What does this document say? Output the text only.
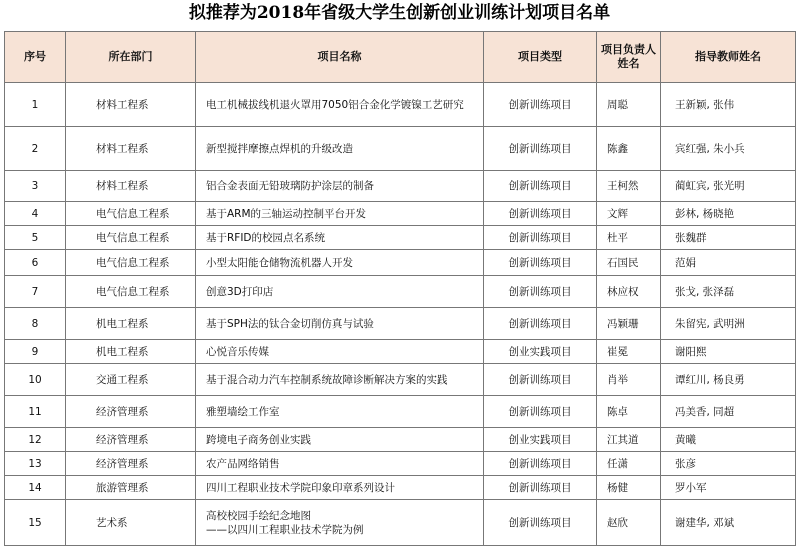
拟推荐为2018年省级大学生创新创业训练计划项目名单
序号	所在部门	项目名称	项目类型	项目负责人姓名	指导教师姓名
1	材料工程系	电工机械拔线机退火罩用7050铝合金化学镀镍工艺研究	创新训练项目	周聪	王新颖, 张伟
2	材料工程系	新型搅拌摩擦点焊机的升级改造	创新训练项目	陈鑫	宾红强, 朱小兵
3	材料工程系	铝合金表面无铅玻璃防护涂层的制备	创新训练项目	王柯然	蔺虹宾, 张光明
4	电气信息工程系	基于ARM的三轴运动控制平台开发	创新训练项目	文辉	彭林, 杨晓艳
5	电气信息工程系	基于RFID的校园点名系统	创新训练项目	杜平	张魏群
6	电气信息工程系	小型太阳能仓储物流机器人开发	创新训练项目	石国民	范娟
7	电气信息工程系	创意3D打印店	创新训练项目	林应权	张戈, 张泽磊
8	机电工程系	基于SPH法的钛合金切削仿真与试验	创新训练项目	冯颖珊	朱留宪, 武明洲
9	机电工程系	心悦音乐传媒	创业实践项目	崔冕	谢阳熙
10	交通工程系	基于混合动力汽车控制系统故障诊断解决方案的实践	创新训练项目	肖举	谭红川, 杨良勇
11	经济管理系	雅塑墙绘工作室	创新训练项目	陈卓	冯美香, 同超
12	经济管理系	跨境电子商务创业实践	创业实践项目	江其道	黄曦
13	经济管理系	农产品网络销售	创新训练项目	任潇	张彦
14	旅游管理系	四川工程职业技术学院印象印章系列设计	创新训练项目	杨健	罗小军
15	艺术系	高校校园手绘纪念地图
——以四川工程职业技术学院为例	创新训练项目	赵欣	谢建华, 邓斌
